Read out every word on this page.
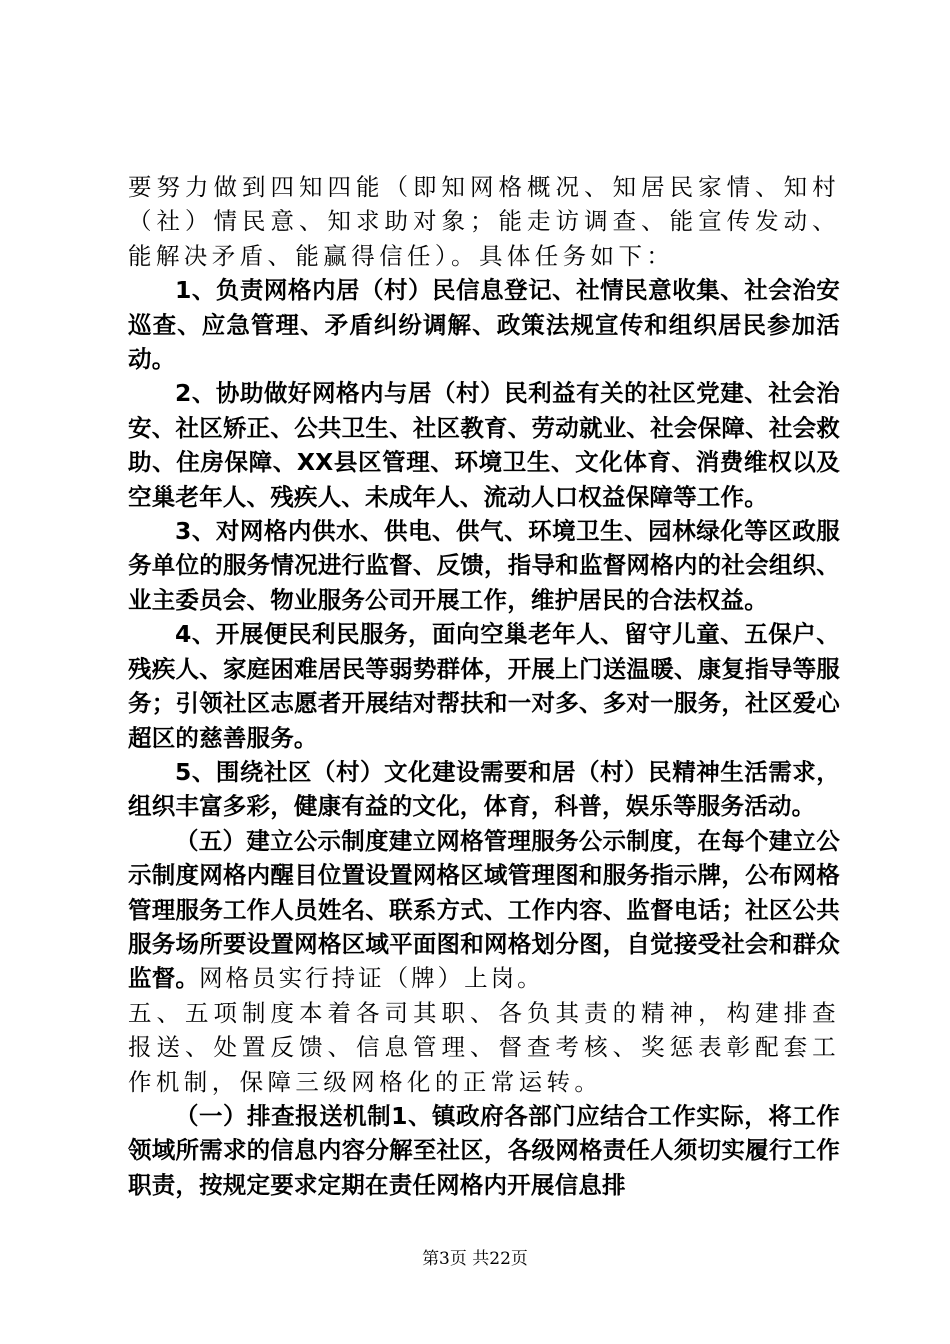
要努力做到四知四能（即知网格概况、知居民家情、知村（社）情民意、知求助对象；能走访调查、能宣传发动、能解决矛盾、能赢得信任）。具体任务如下：

1、负责网格内居（村）民信息登记、社情民意收集、社会治安巡查、应急管理、矛盾纠纷调解、政策法规宣传和组织居民参加活动。

2、协助做好网格内与居（村）民利益有关的社区党建、社会治安、社区矫正、公共卫生、社区教育、劳动就业、社会保障、社会救助、住房保障、XX县区管理、环境卫生、文化体育、消费维权以及空巢老年人、残疾人、未成年人、流动人口权益保障等工作。

3、对网格内供水、供电、供气、环境卫生、园林绿化等区政服务单位的服务情况进行监督、反馈，指导和监督网格内的社会组织、业主委员会、物业服务公司开展工作，维护居民的合法权益。

4、开展便民利民服务，面向空巢老年人、留守儿童、五保户、残疾人、家庭困难居民等弱势群体，开展上门送温暖、康复指导等服务；引领社区志愿者开展结对帮扶和一对多、多对一服务，社区爱心超区的慈善服务。

5、围绕社区（村）文化建设需要和居（村）民精神生活需求，组织丰富多彩，健康有益的文化，体育，科普，娱乐等服务活动。

（五）建立公示制度建立网格管理服务公示制度，在每个建立公示制度网格内醒目位置设置网格区域管理图和服务指示牌，公布网格管理服务工作人员姓名、联系方式、工作内容、监督电话；社区公共服务场所要设置网格区域平面图和网格划分图，自觉接受社会和群众监督。网格员实行持证（牌）上岗。

五、五项制度本着各司其职、各负其责的精神，构建排查报送、处置反馈、信息管理、督查考核、奖惩表彰配套工作机制，保障三级网格化的正常运转。

（一）排查报送机制1、镇政府各部门应结合工作实际，将工作领域所需求的信息内容分解至社区，各级网格责任人须切实履行工作职责，按规定要求定期在责任网格内开展信息排

第3页 共22页
